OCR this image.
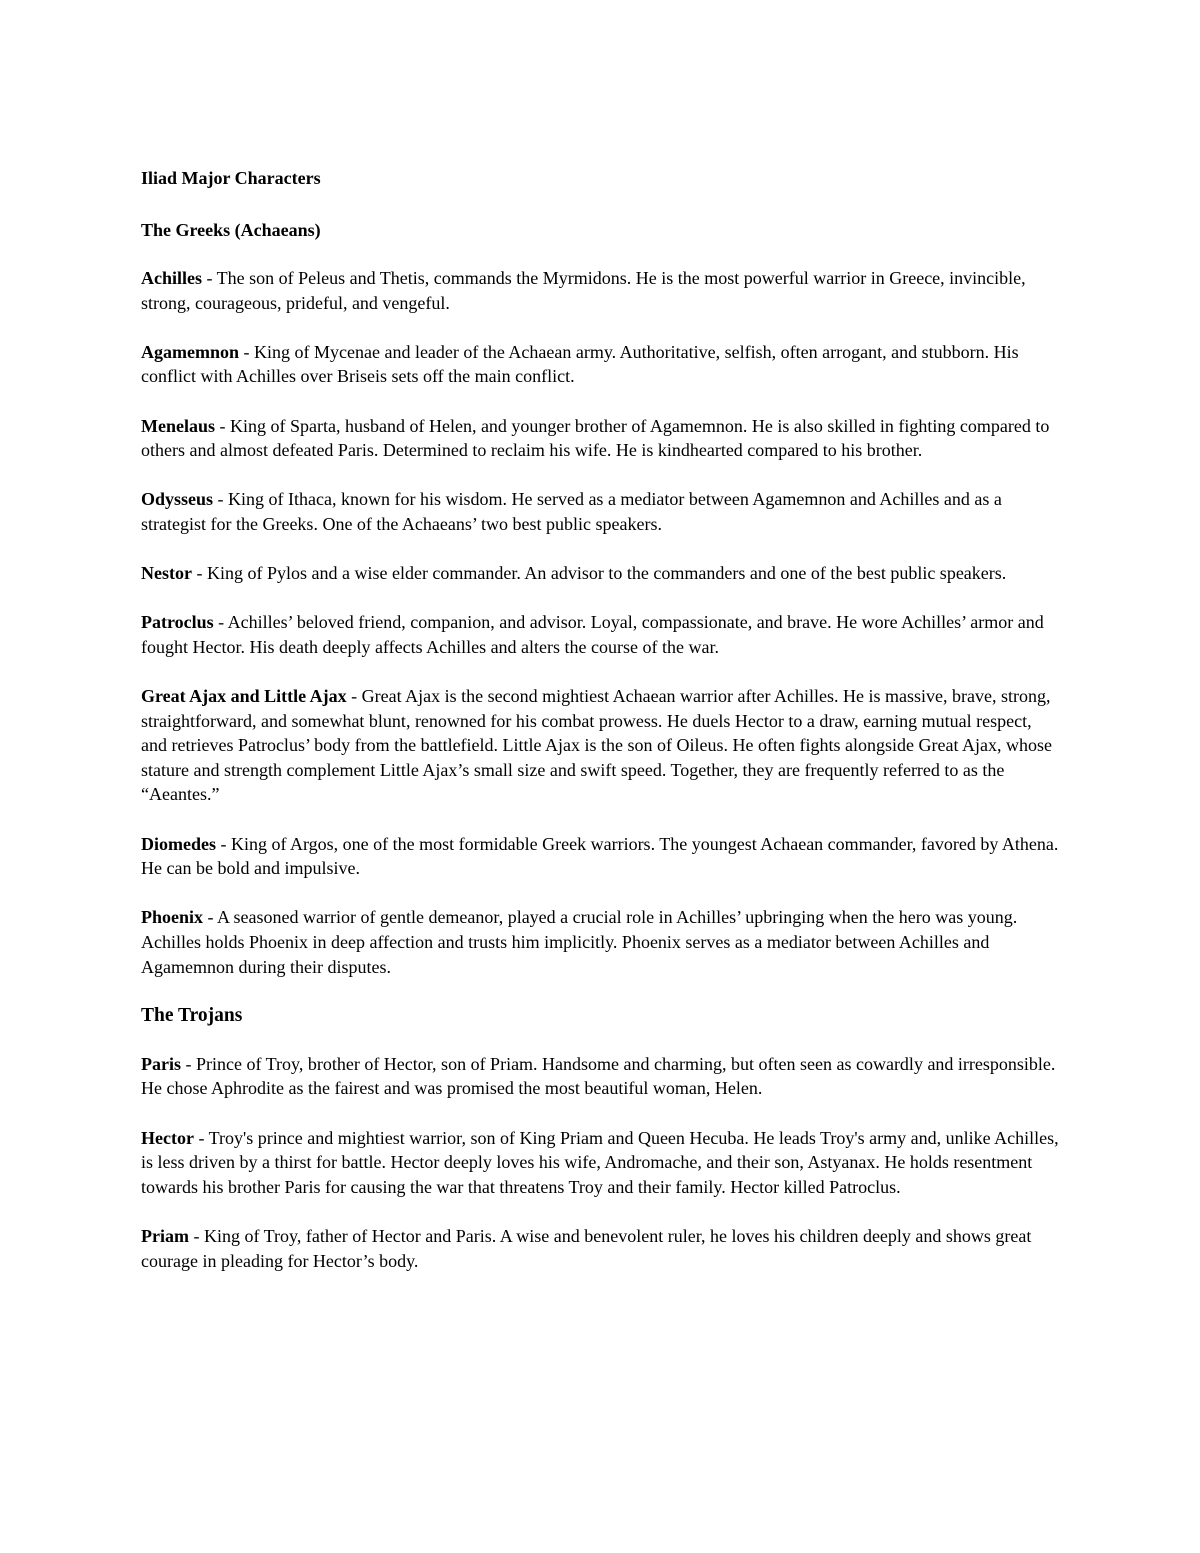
Iliad Major Characters
The Greeks (Achaeans)

Achilles - The son of Peleus and Thetis, commands the Myrmidons. He is the most powerful warrior in Greece, invincible, strong, courageous, prideful, and vengeful.

Agamemnon - King of Mycenae and leader of the Achaean army. Authoritative, selfish, often arrogant, and stubborn. His conflict with Achilles over Briseis sets off the main conflict.

Menelaus - King of Sparta, husband of Helen, and younger brother of Agamemnon. He is also skilled in fighting compared to others and almost defeated Paris. Determined to reclaim his wife. He is kindhearted compared to his brother.

Odysseus - King of Ithaca, known for his wisdom. He served as a mediator between Agamemnon and Achilles and as a strategist for the Greeks. One of the Achaeans’ two best public speakers.

Nestor - King of Pylos and a wise elder commander. An advisor to the commanders and one of the best public speakers.

Patroclus - Achilles’ beloved friend, companion, and advisor. Loyal, compassionate, and brave. He wore Achilles’ armor and fought Hector. His death deeply affects Achilles and alters the course of the war.

Great Ajax and Little Ajax - Great Ajax is the second mightiest Achaean warrior after Achilles. He is massive, brave, strong, straightforward, and somewhat blunt, renowned for his combat prowess. He duels Hector to a draw, earning mutual respect, and retrieves Patroclus’ body from the battlefield. Little Ajax is the son of Oileus. He often fights alongside Great Ajax, whose stature and strength complement Little Ajax’s small size and swift speed. Together, they are frequently referred to as the “Aeantes.”

Diomedes - King of Argos, one of the most formidable Greek warriors. The youngest Achaean commander, favored by Athena. He can be bold and impulsive.

Phoenix - A seasoned warrior of gentle demeanor, played a crucial role in Achilles’ upbringing when the hero was young. Achilles holds Phoenix in deep affection and trusts him implicitly. Phoenix serves as a mediator between Achilles and Agamemnon during their disputes.

The Trojans

Paris - Prince of Troy, brother of Hector, son of Priam. Handsome and charming, but often seen as cowardly and irresponsible. He chose Aphrodite as the fairest and was promised the most beautiful woman, Helen.

Hector - Troy's prince and mightiest warrior, son of King Priam and Queen Hecuba. He leads Troy's army and, unlike Achilles, is less driven by a thirst for battle. Hector deeply loves his wife, Andromache, and their son, Astyanax. He holds resentment towards his brother Paris for causing the war that threatens Troy and their family. Hector killed Patroclus.

Priam - King of Troy, father of Hector and Paris. A wise and benevolent ruler, he loves his children deeply and shows great courage in pleading for Hector’s body.
